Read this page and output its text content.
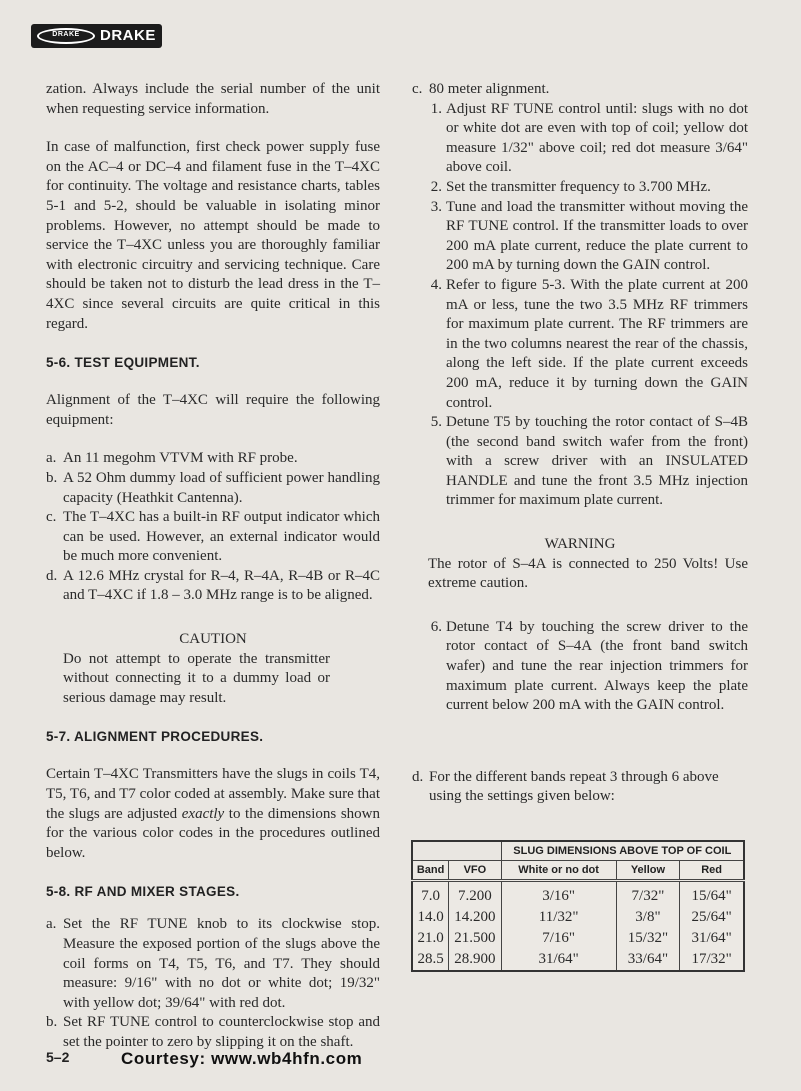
DRAKE	DRAKE

zation. Always include the serial number of the unit when requesting service information.

In case of malfunction, first check power supply fuse on the AC–4 or DC–4 and filament fuse in the T–4XC for continuity. The voltage and resistance charts, tables 5-1 and 5-2, should be valuable in isolating minor problems. However, no attempt should be made to service the T–4XC unless you are thoroughly familiar with electronic circuitry and servicing technique. Care should be taken not to disturb the lead dress in the T–4XC since several circuits are quite critical in this regard.

5-6. TEST EQUIPMENT.

Alignment of the T–4XC will require the following equipment:

a. An 11 megohm VTVM with RF probe.
b. A 52 Ohm dummy load of sufficient power handling capacity (Heathkit Cantenna).
c. The T–4XC has a built-in RF output indicator which can be used. However, an external indicator would be much more convenient.
d. A 12.6 MHz crystal for R–4, R–4A, R–4B or R–4C and T–4XC if 1.8 – 3.0 MHz range is to be aligned.
CAUTION

Do not attempt to operate the transmitter without connecting it to a dummy load or serious damage may result.

5-7. ALIGNMENT PROCEDURES.

Certain T–4XC Transmitters have the slugs in coils T4, T5, T6, and T7 color coded at assembly. Make sure that the slugs are adjusted exactly to the dimensions shown for the various color codes in the procedures outlined below.

5-8. RF AND MIXER STAGES.
a. Set the RF TUNE knob to its clockwise stop. Measure the exposed portion of the slugs above the coil forms on T4, T5, T6, and T7. They should measure: 9/16" with no dot or white dot; 19/32" with yellow dot; 39/64" with red dot.
b. Set RF TUNE control to counterclockwise stop and set the pointer to zero by slipping it on the shaft.
c. 80 meter alignment.
1. Adjust RF TUNE control until: slugs with no dot or white dot are even with top of coil; yellow dot measure 1/32" above coil; red dot measure 3/64" above coil.
2. Set the transmitter frequency to 3.700 MHz.
3. Tune and load the transmitter without moving the RF TUNE control. If the transmitter loads to over 200 mA plate current, reduce the plate current to 200 mA by turning down the GAIN control.
4. Refer to figure 5-3. With the plate current at 200 mA or less, tune the two 3.5 MHz RF trimmers for maximum plate current. The RF trimmers are in the two columns nearest the rear of the chassis, along the left side. If the plate current exceeds 200 mA, reduce it by turning down the GAIN control.
5. Detune T5 by touching the rotor contact of S–4B (the second band switch wafer from the front) with a screw driver with an INSULATED HANDLE and tune the front 3.5 MHz injection trimmer for maximum plate current.
WARNING

The rotor of S–4A is connected to 250 Volts! Use extreme caution.

6. Detune T4 by touching the screw driver to the rotor contact of S–4A (the front band switch wafer) and tune the rear injection trimmers for maximum plate current. Always keep the plate current below 200 mA with the GAIN control.
d. For the different bands repeat 3 through 6 above using the settings given below:
		SLUG DIMENSIONS ABOVE TOP OF COIL		
Band	VFO	White or no dot	Yellow	Red
7.0	7.200	3/16"	7/32"	15/64"
14.0	14.200	11/32"	3/8"	25/64"
21.0	21.500	7/16"	15/32"	31/64"
28.5	28.900	31/64"	33/64"	17/32"
5–2	Courtesy: www.wb4hfn.com
